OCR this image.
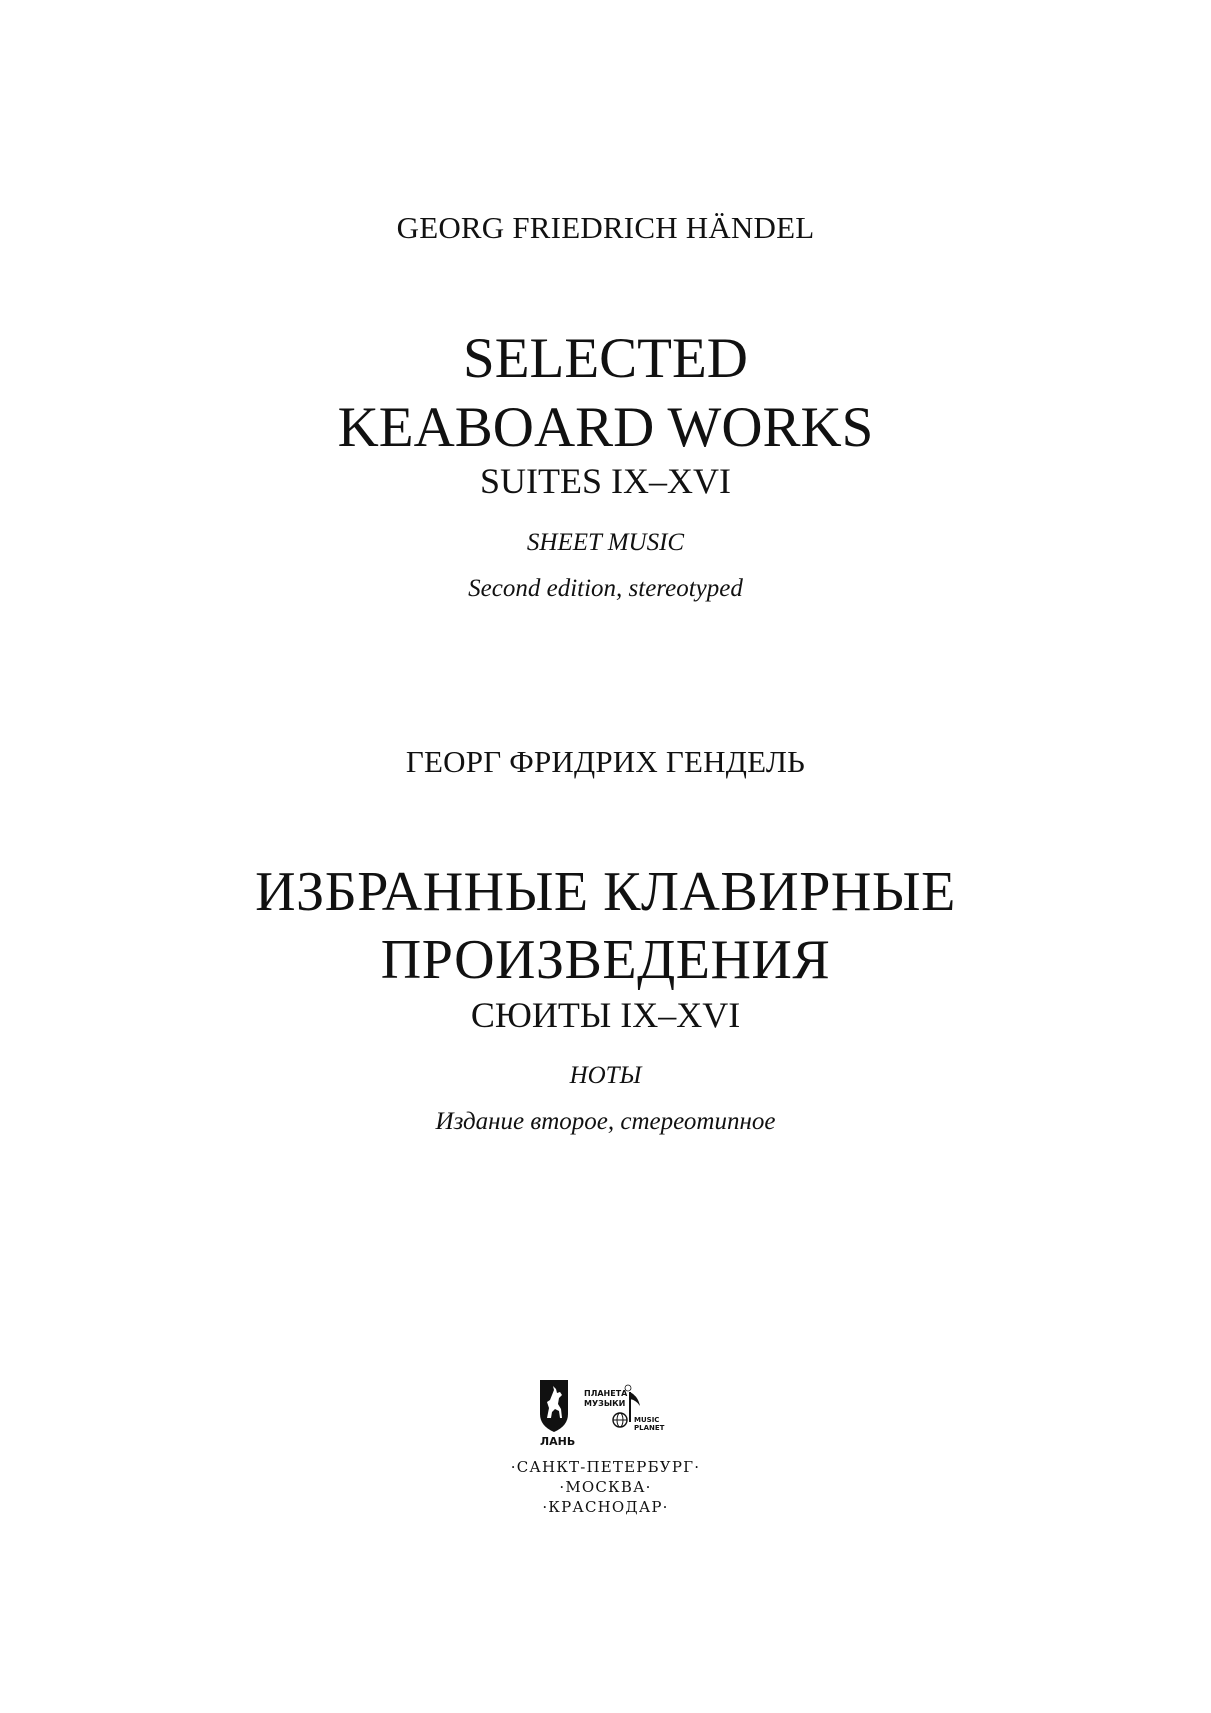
GEORG FRIEDRICH HÄNDEL
SELECTED
KEABOARD WORKS
SUITES IX–XVI
SHEET MUSIC
Second edition, stereotyped
ГЕОРГ ФРИДРИХ ГЕНДЕЛЬ
ИЗБРАННЫЕ КЛАВИРНЫЕ
ПРОИЗВЕДЕНИЯ
СЮИТЫ IX–XVI
НОТЫ
Издание второе, стереотипное
ЛАНЬ
ПЛАНЕТА
МУЗЫКИ
MUSIC
PLANET
·САНКТ-ПЕТЕРБУРГ·
·МОСКВА·
·КРАСНОДАР·
